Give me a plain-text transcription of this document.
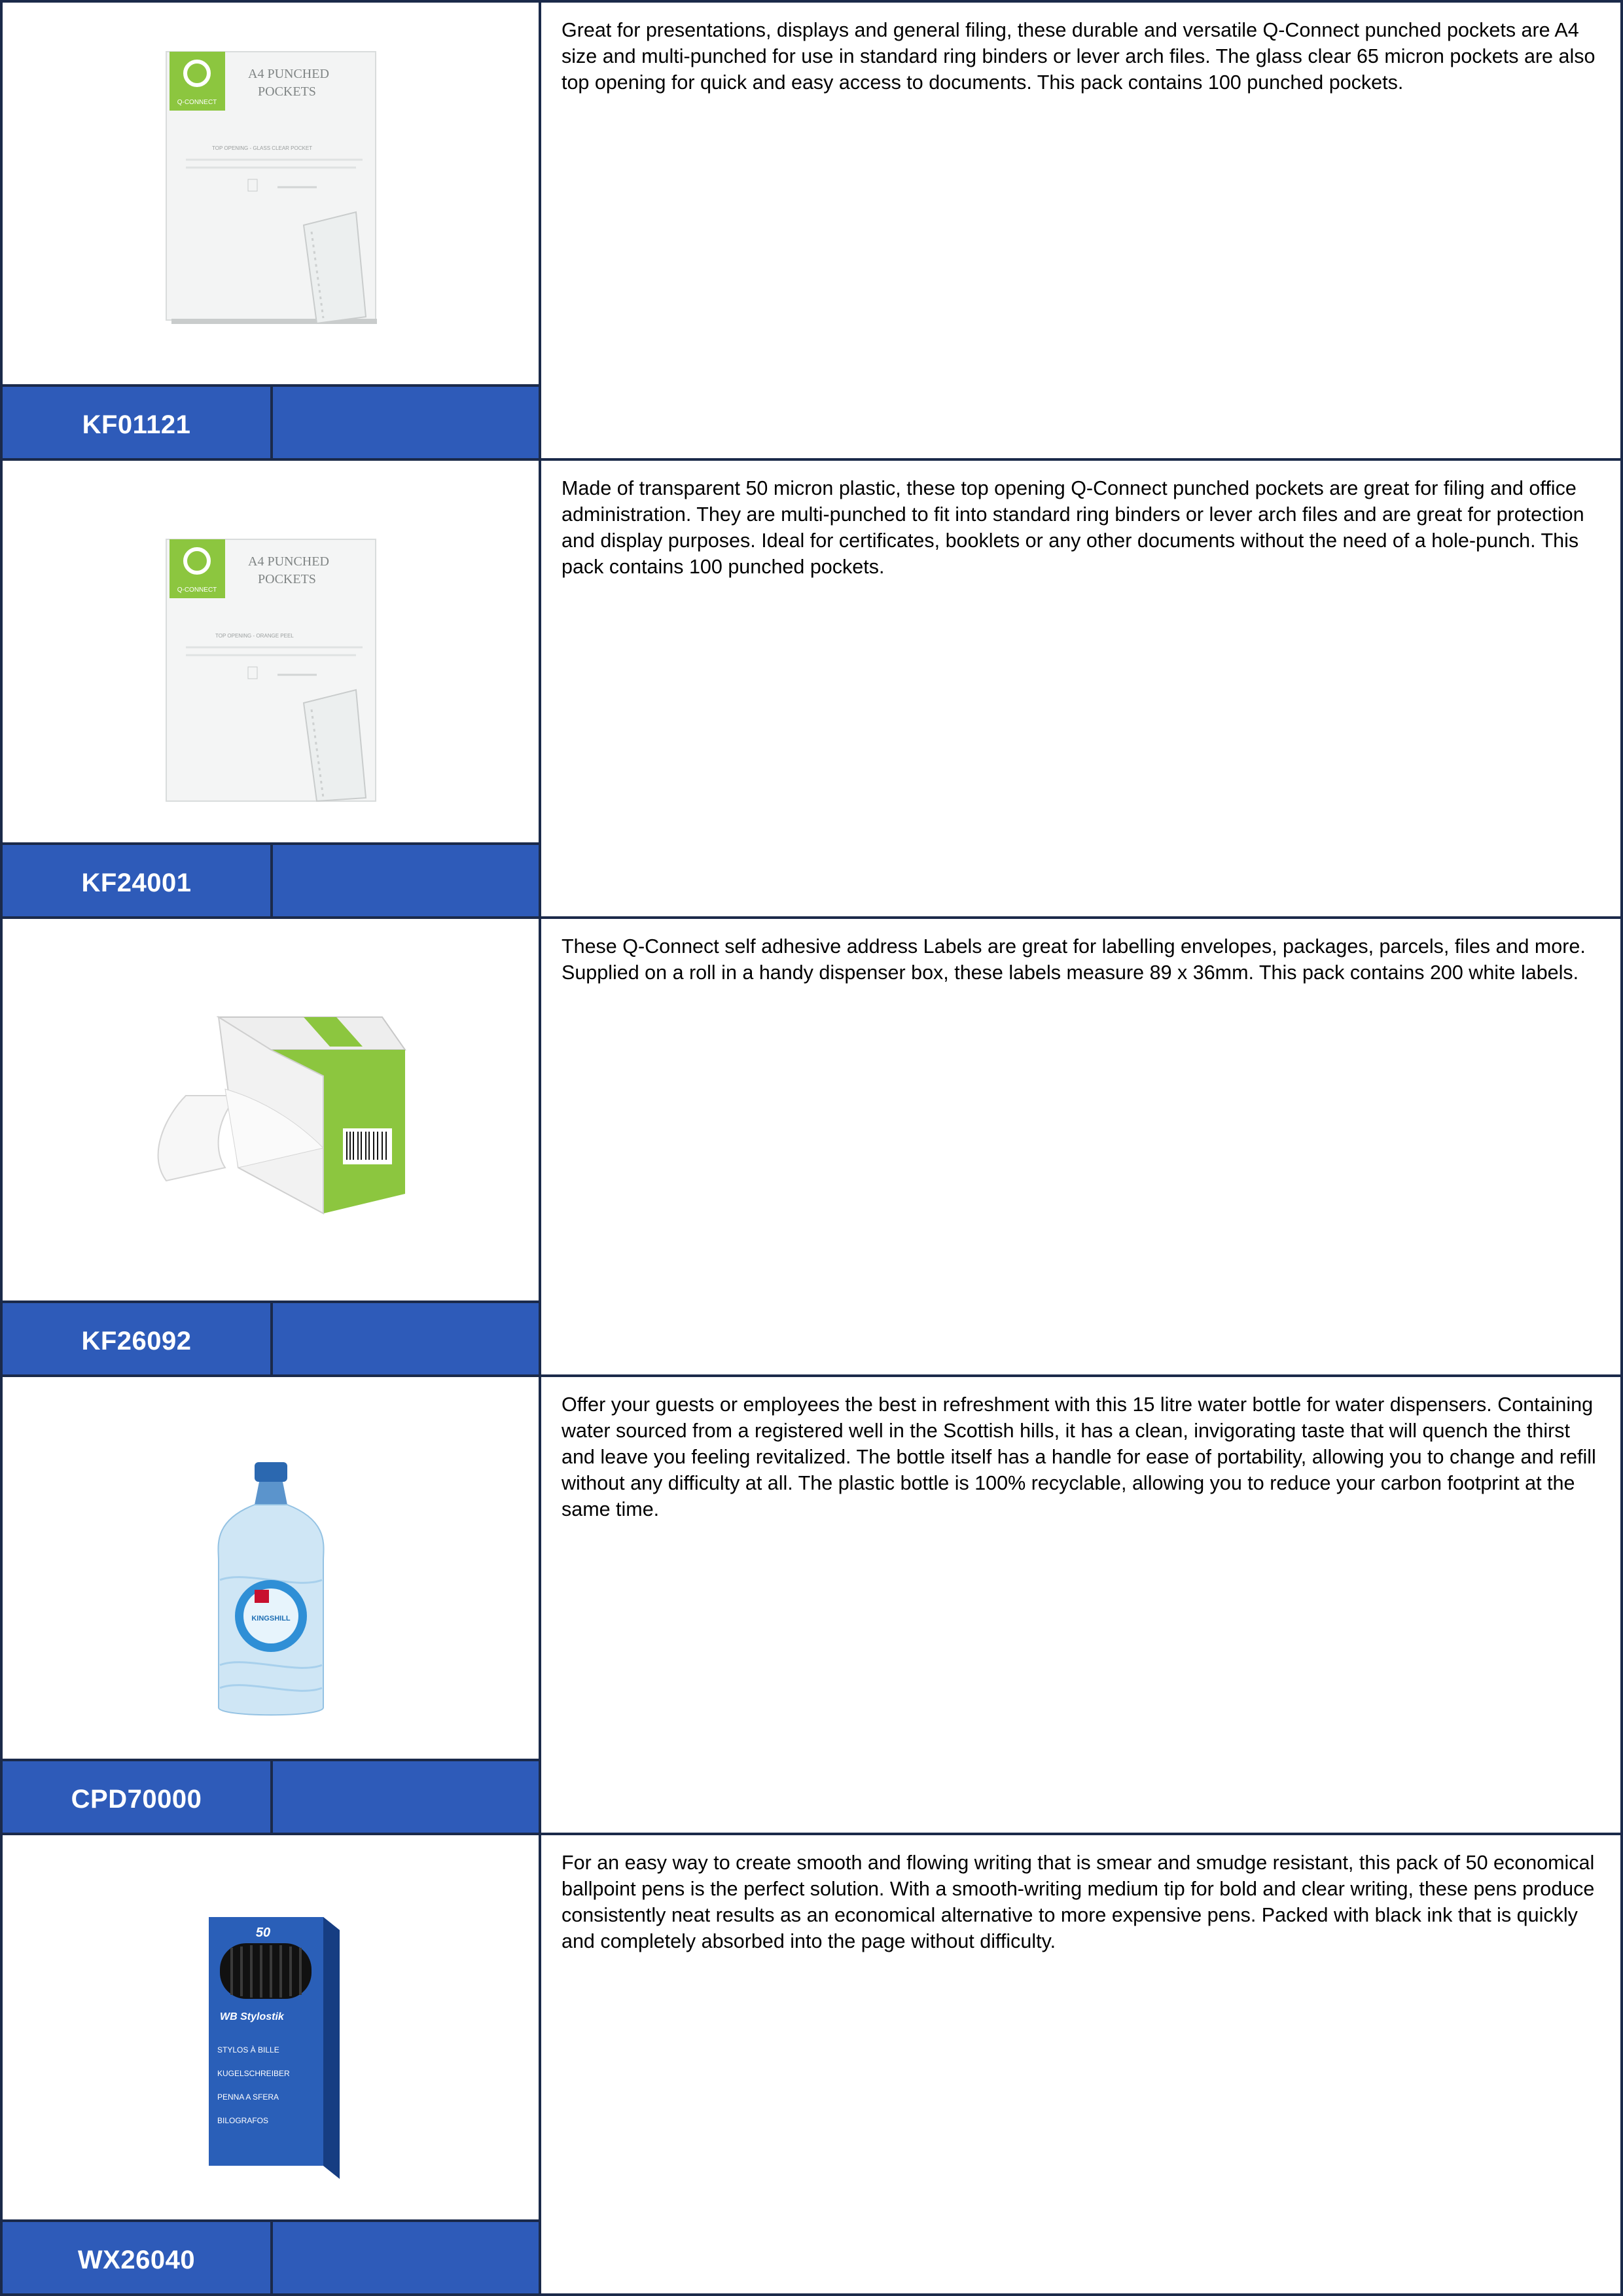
Q-CONNECT
A4 PUNCHED
POCKETS
TOP OPENING - GLASS CLEAR POCKET
KF01121

Great for presentations, displays and general filing, these durable and versatile Q-Connect punched pockets are A4 size and multi-punched for use in standard ring binders or lever arch files. The glass clear 65 micron pockets are also top opening for quick and easy access to documents. This pack contains 100 punched pockets.

Q-CONNECT
A4 PUNCHED
POCKETS
TOP OPENING - ORANGE PEEL
KF24001

Made of transparent 50 micron plastic, these top opening Q-Connect punched pockets are great for filing and office administration. They are multi-punched to fit into standard ring binders or lever arch files and are great for protection and display purposes. Ideal for certificates, booklets or any other documents without the need of a hole-punch. This pack contains 100 punched pockets.

KF26092

These Q-Connect self adhesive address Labels are great for labelling envelopes, packages, parcels, files and more. Supplied on a roll in a handy dispenser box, these labels measure 89 x 36mm. This pack contains 200 white labels.

KINGSHILL
CPD70000

Offer your guests or employees the best in refreshment with this 15 litre water bottle for water dispensers. Containing water sourced from a registered well in the Scottish hills, it has a clean, invigorating taste that will quench the thirst and leave you feeling revitalized. The bottle itself has a handle for ease of portability, allowing you to change and refill without any difficulty at all. The plastic bottle is 100% recyclable, allowing you to reduce your carbon footprint at the same time.

50
WB Stylostik
STYLOS À BILLE
KUGELSCHREIBER
PENNA A SFERA
BILOGRAFOS
WX26040

For an easy way to create smooth and flowing writing that is smear and smudge resistant, this pack of 50 economical ballpoint pens is the perfect solution. With a smooth-writing medium tip for bold and clear writing, these pens produce consistently neat results as an economical alternative to more expensive pens. Packed with black ink that is quickly and completely absorbed into the page without difficulty.
